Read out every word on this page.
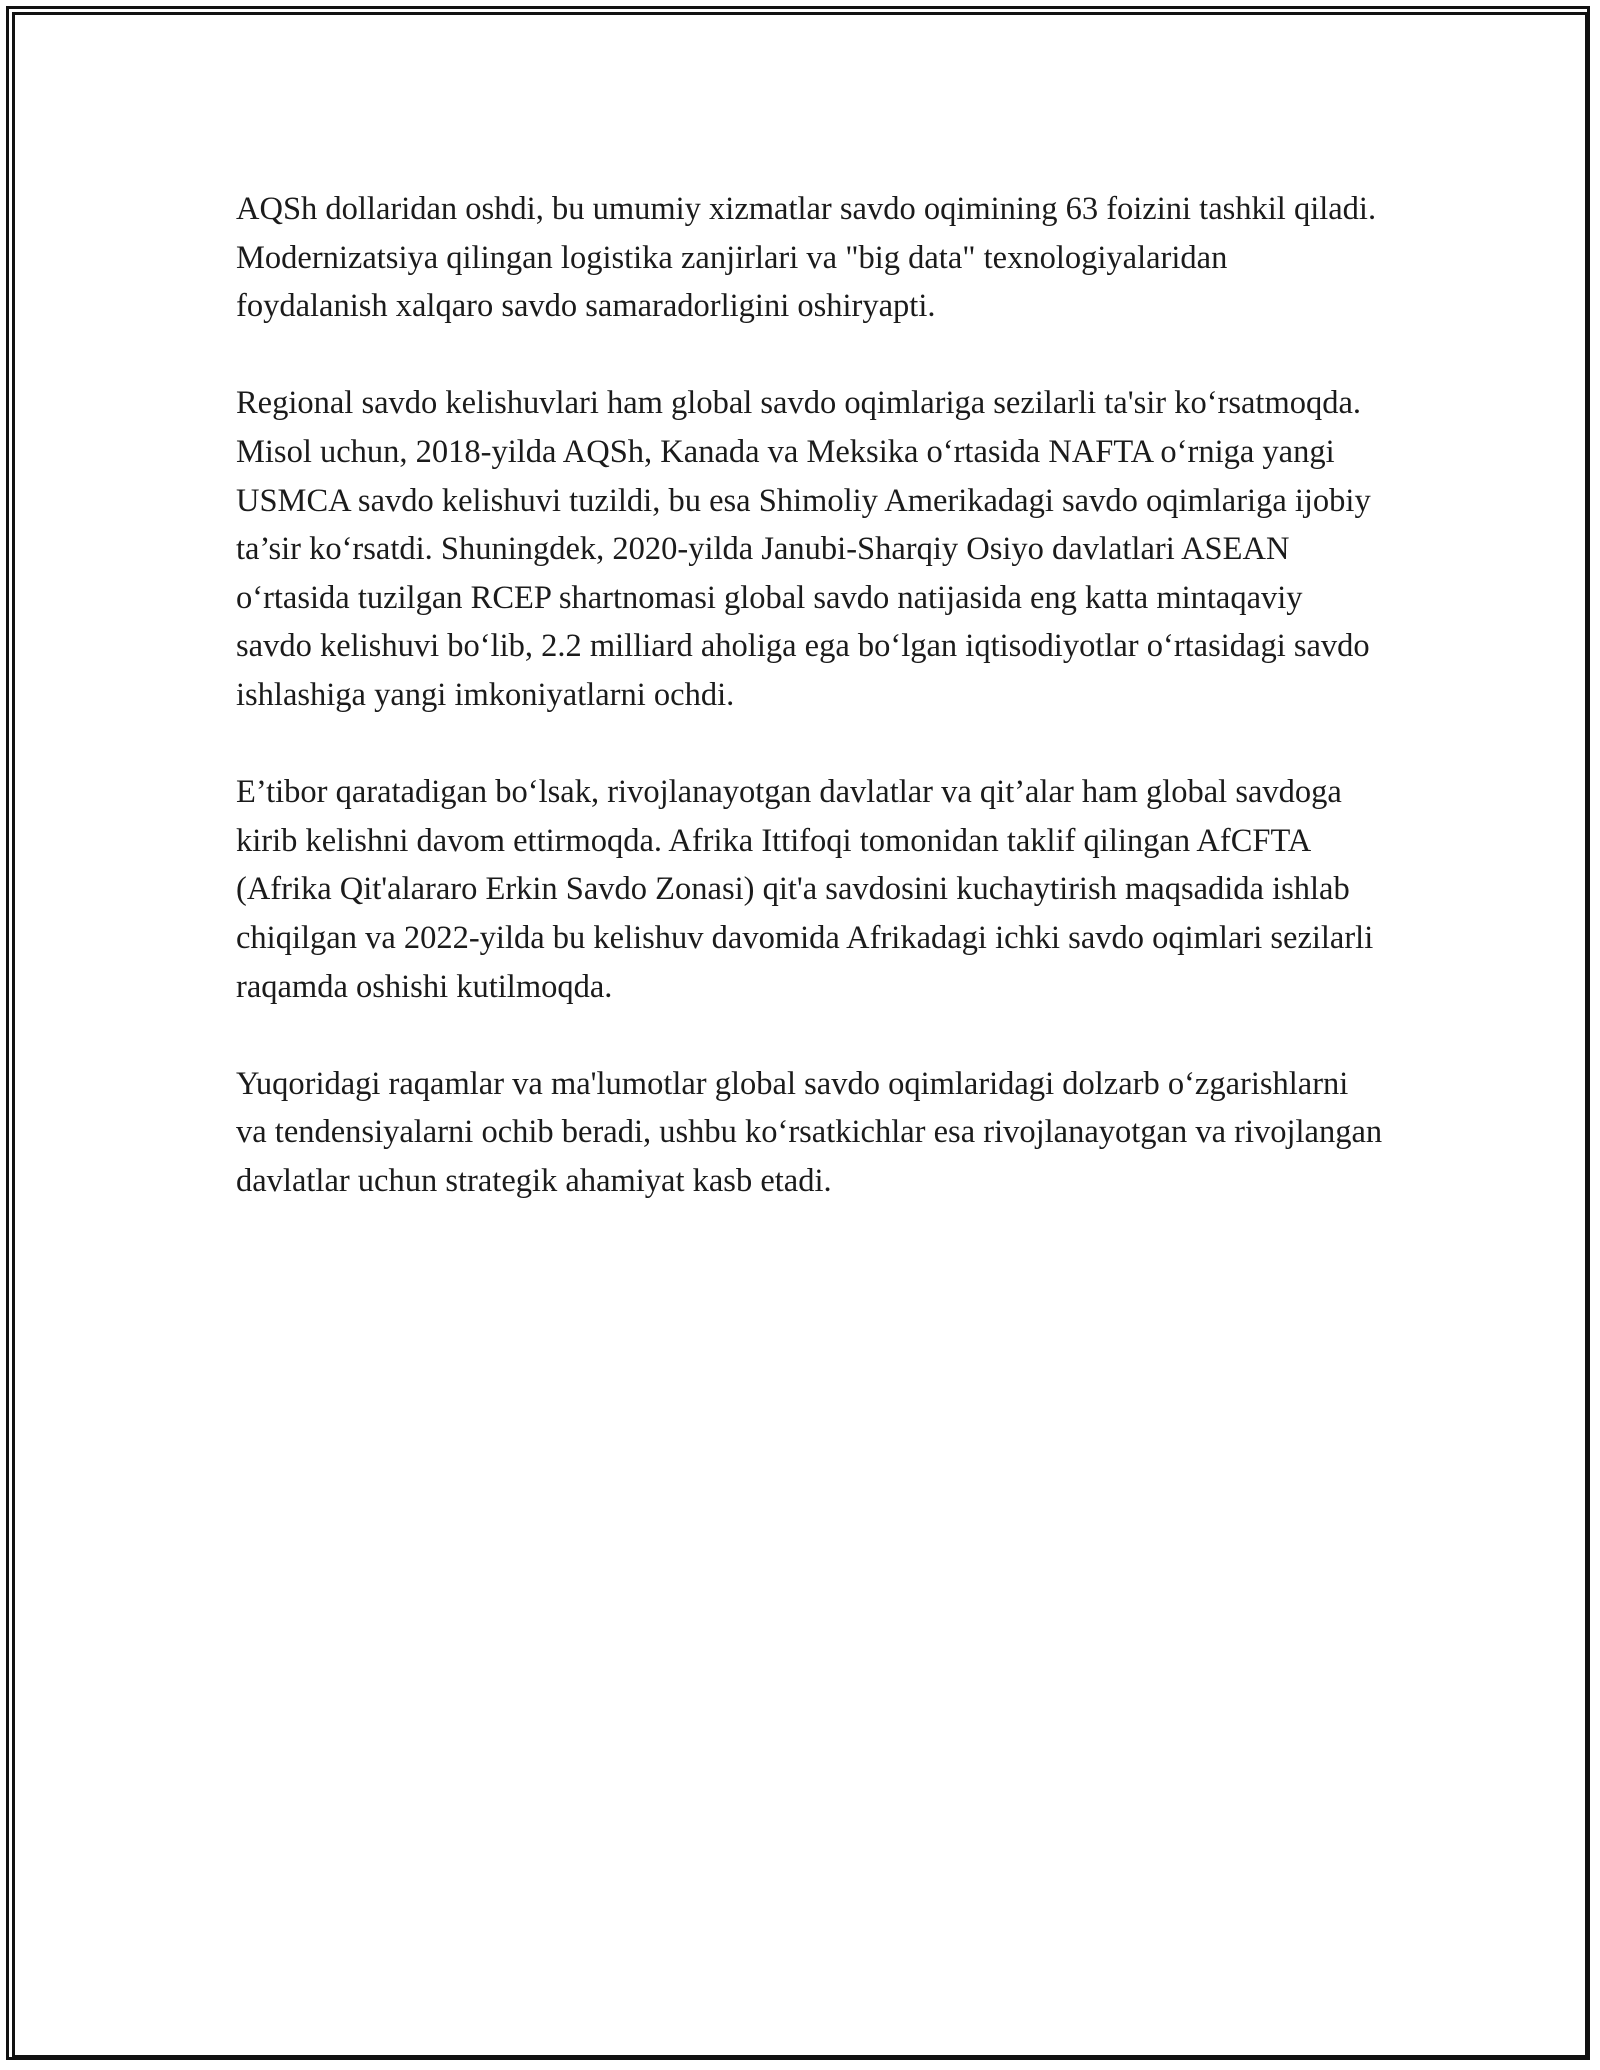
AQSh dollaridan oshdi, bu umumiy xizmatlar savdo oqimining 63 foizini tashkil qiladi. Modernizatsiya qilingan logistika zanjirlari va "big data" texnologiyalaridan foydalanish xalqaro savdo samaradorligini oshiryapti.

Regional savdo kelishuvlari ham global savdo oqimlariga sezilarli ta'sir ko‘rsatmoqda. Misol uchun, 2018-yilda AQSh, Kanada va Meksika o‘rtasida NAFTA o‘rniga yangi USMCA savdo kelishuvi tuzildi, bu esa Shimoliy Amerikadagi savdo oqimlariga ijobiy ta’sir ko‘rsatdi. Shuningdek, 2020-yilda Janubi-Sharqiy Osiyo davlatlari ASEAN o‘rtasida tuzilgan RCEP shartnomasi global savdo natijasida eng katta mintaqaviy savdo kelishuvi bo‘lib, 2.2 milliard aholiga ega bo‘lgan iqtisodiyotlar o‘rtasidagi savdo ishlashiga yangi imkoniyatlarni ochdi.

E’tibor qaratadigan bo‘lsak, rivojlanayotgan davlatlar va qit’alar ham global savdoga kirib kelishni davom ettirmoqda. Afrika Ittifoqi tomonidan taklif qilingan AfCFTA (Afrika Qit'alararo Erkin Savdo Zonasi) qit'a savdosini kuchaytirish maqsadida ishlab chiqilgan va 2022-yilda bu kelishuv davomida Afrikadagi ichki savdo oqimlari sezilarli raqamda oshishi kutilmoqda.

Yuqoridagi raqamlar va ma'lumotlar global savdo oqimlaridagi dolzarb o‘zgarishlarni va tendensiyalarni ochib beradi, ushbu ko‘rsatkichlar esa rivojlanayotgan va rivojlangan davlatlar uchun strategik ahamiyat kasb etadi.
